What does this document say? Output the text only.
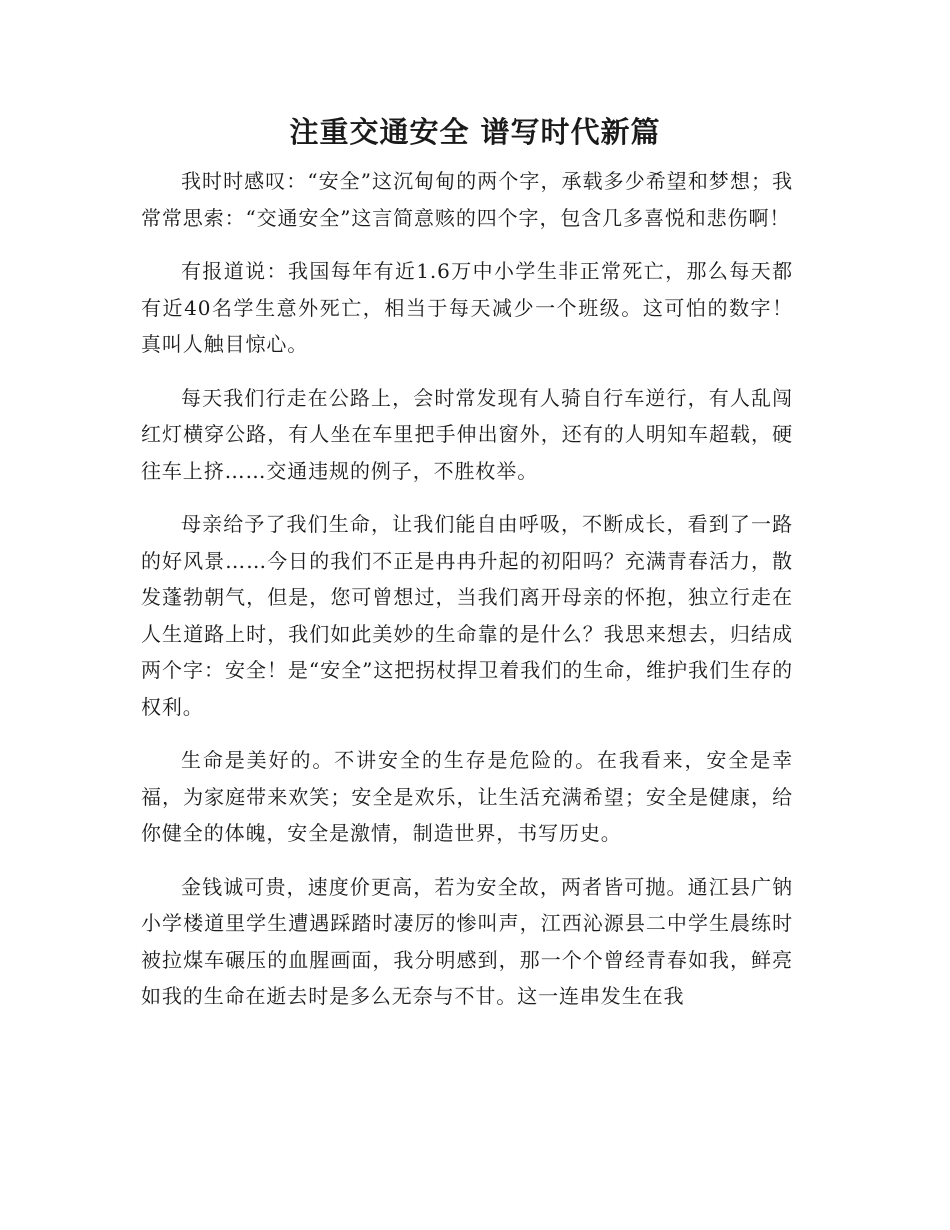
注重交通安全 谱写时代新篇

我时时感叹：“安全”这沉甸甸的两个字，承载多少希望和梦想；我常常思索：“交通安全”这言简意赅的四个字，包含几多喜悦和悲伤啊！

有报道说：我国每年有近1.6万中小学生非正常死亡，那么每天都有近40名学生意外死亡，相当于每天减少一个班级。这可怕的数字！真叫人触目惊心。

每天我们行走在公路上，会时常发现有人骑自行车逆行，有人乱闯红灯横穿公路，有人坐在车里把手伸出窗外，还有的人明知车超载，硬往车上挤……交通违规的例子，不胜枚举。

母亲给予了我们生命，让我们能自由呼吸，不断成长，看到了一路的好风景……今日的我们不正是冉冉升起的初阳吗？充满青春活力，散发蓬勃朝气，但是，您可曾想过，当我们离开母亲的怀抱，独立行走在人生道路上时，我们如此美妙的生命靠的是什么？我思来想去，归结成两个字：安全！是“安全”这把拐杖捍卫着我们的生命，维护我们生存的权利。

生命是美好的。不讲安全的生存是危险的。在我看来，安全是幸福，为家庭带来欢笑；安全是欢乐，让生活充满希望；安全是健康，给你健全的体魄，安全是激情，制造世界，书写历史。

金钱诚可贵，速度价更高，若为安全故，两者皆可抛。通江县广钠小学楼道里学生遭遇踩踏时凄厉的惨叫声，江西沁源县二中学生晨练时被拉煤车碾压的血腥画面，我分明感到，那一个个曾经青春如我，鲜亮如我的生命在逝去时是多么无奈与不甘。这一连串发生在我
